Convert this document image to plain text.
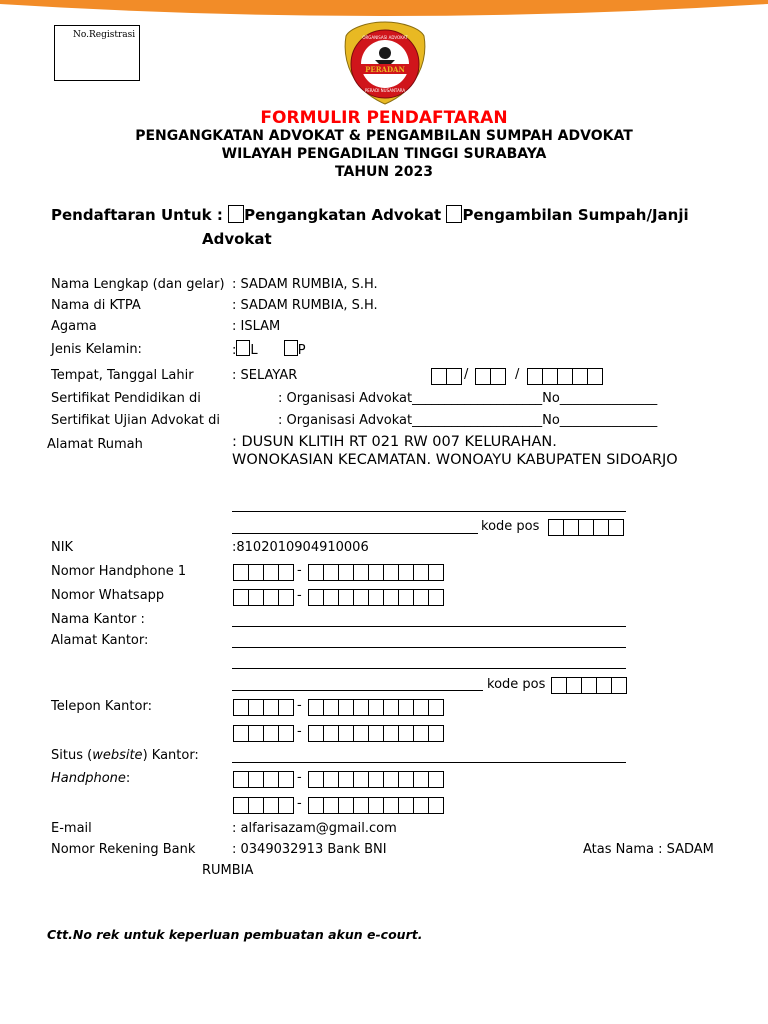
No.Registrasi
PERADAN
ORGANISASI ADVOKAT
PERADI NUSANTARA
FORMULIR PENDAFTARAN
PENGANGKATAN ADVOKAT & PENGAMBILAN SUMPAH ADVOKAT
WILAYAH PENGADILAN TINGGI SURABAYA
TAHUN 2023
Pendaftaran Untuk : Pengangkatan Advokat Pengambilan Sumpah/Janji
Advokat
Nama Lengkap (dan gelar) : SADAM RUMBIA, S.H.
Nama di KTPA	: SADAM RUMBIA, S.H.
Agama	: ISLAM
Jenis Kelamin:	: L	P
Tempat, Tanggal Lahir	: SELAYAR	/	/
Sertifikat Pendidikan di	: Organisasi Advokat____________________No_______________
Sertifikat Ujian Advokat di	: Organisasi Advokat____________________No_______________
Alamat Rumah	: DUSUN KLITIH RT 021 RW 007 KELURAHAN.
WONOKASIAN KECAMATAN. WONOAYU KABUPATEN SIDOARJO
kode pos
NIK	:8102010904910006
Nomor Handphone 1	-
Nomor Whatsapp	-
Nama Kantor :
Alamat Kantor:
kode pos
Telepon Kantor:	-
-
Situs (website) Kantor:
Handphone:	-
-
E-mail	: alfarisazam@gmail.com
Nomor Rekening Bank	: 0349032913 Bank BNI	Atas Nama : SADAM
RUMBIA
Ctt.No rek untuk keperluan pembuatan akun e-court.
